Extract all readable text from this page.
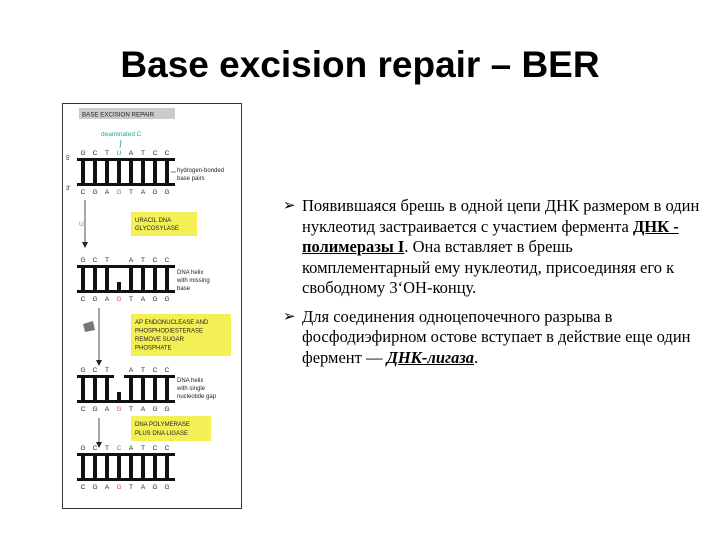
Base excision repair – BER
BASE EXCISION REPAIR
deaminated C
5'
3'
G C T U A T C C
C G A G T A G G
hydrogen-bonded
base pairs
U	URACIL DNA
GLYCOSYLASE
G C T	A T C C
C G A G T A G G
DNA helix
with missing
base
AP ENDONUCLEASE AND
PHOSPHODIESTERASE
REMOVE SUGAR
PHOSPHATE
G C T	A T C C
C G A G T A G G
DNA helix
with single
nucleotide gap
DNA POLYMERASE
PLUS DNA LIGASE
G C T C A T C C
C G A G T A G G
➢ Появившаяся брешь в одной цепи ДНК размером в один нуклеотид застраивается с участием фермента ДНК - полимеразы I. Она вставляет в брешь комплементарный ему нуклеотид, присоединяя его к свободному 3‘ОН-концу.
➢ Для соединения одноцепочечного разрыва в фосфодиэфирном остове вступает в действие еще один фермент — ДНК-лигаза.
